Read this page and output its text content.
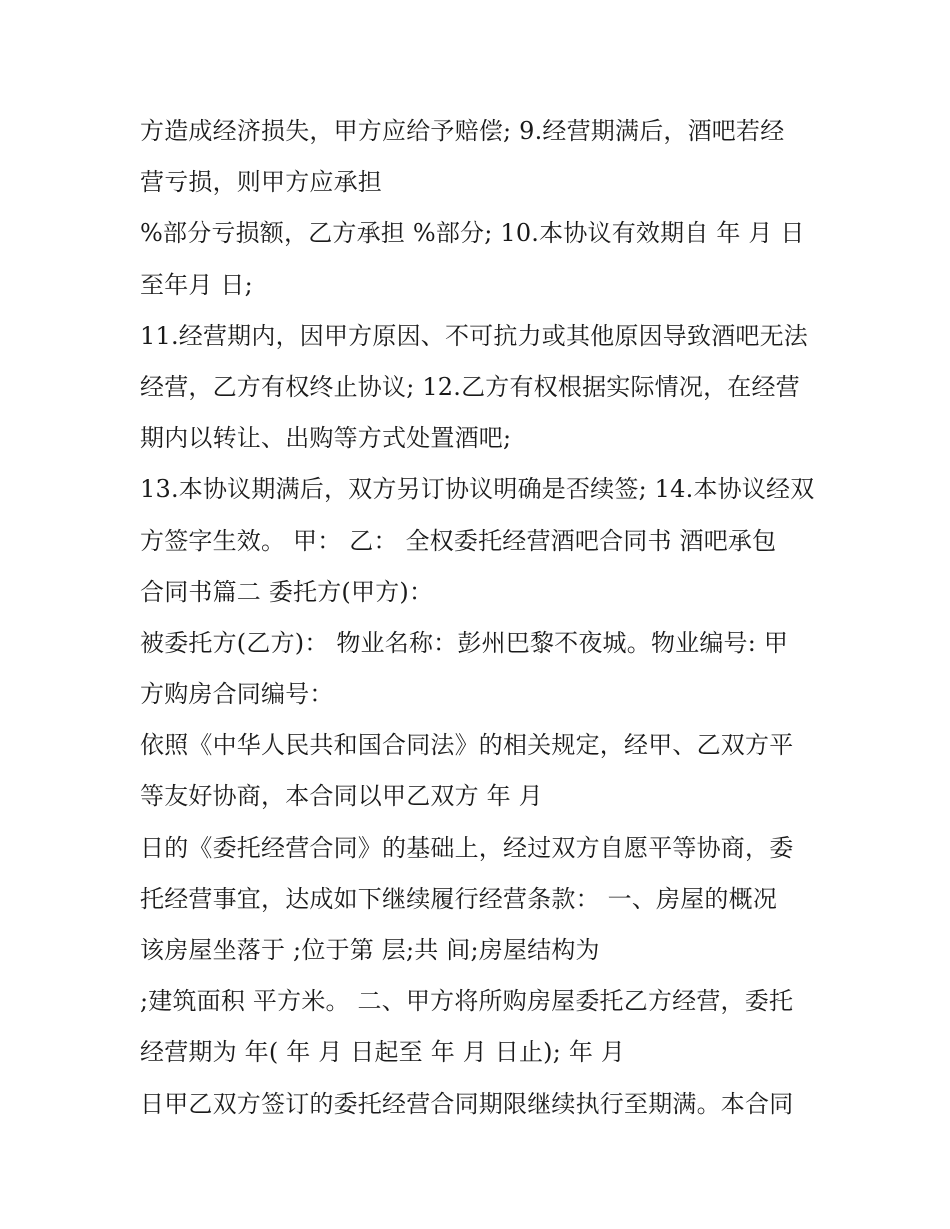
方造成经济损失，甲方应给予赔偿; 9.经营期满后，酒吧若经
营亏损，则甲方应承担
%部分亏损额，乙方承担 %部分; 10.本协议有效期自 年 月 日
至年月 日;
11.经营期内，因甲方原因、不可抗力或其他原因导致酒吧无法
经营，乙方有权终止协议; 12.乙方有权根据实际情况，在经营
期内以转让、出购等方式处置酒吧;
13.本协议期满后，双方另订协议明确是否续签; 14.本协议经双
方签字生效。 甲： 乙： 全权委托经营酒吧合同书 酒吧承包
合同书篇二 委托方(甲方)：
被委托方(乙方)： 物业名称：彭州巴黎不夜城。物业编号: 甲
方购房合同编号：
依照《中华人民共和国合同法》的相关规定，经甲、乙双方平
等友好协商，本合同以甲乙双方 年 月
日的《委托经营合同》的基础上，经过双方自愿平等协商，委
托经营事宜，达成如下继续履行经营条款： 一、房屋的概况
该房屋坐落于 ;位于第 层;共 间;房屋结构为
;建筑面积 平方米。 二、甲方将所购房屋委托乙方经营，委托
经营期为 年( 年 月 日起至 年 月 日止); 年 月
日甲乙双方签订的委托经营合同期限继续执行至期满。本合同
